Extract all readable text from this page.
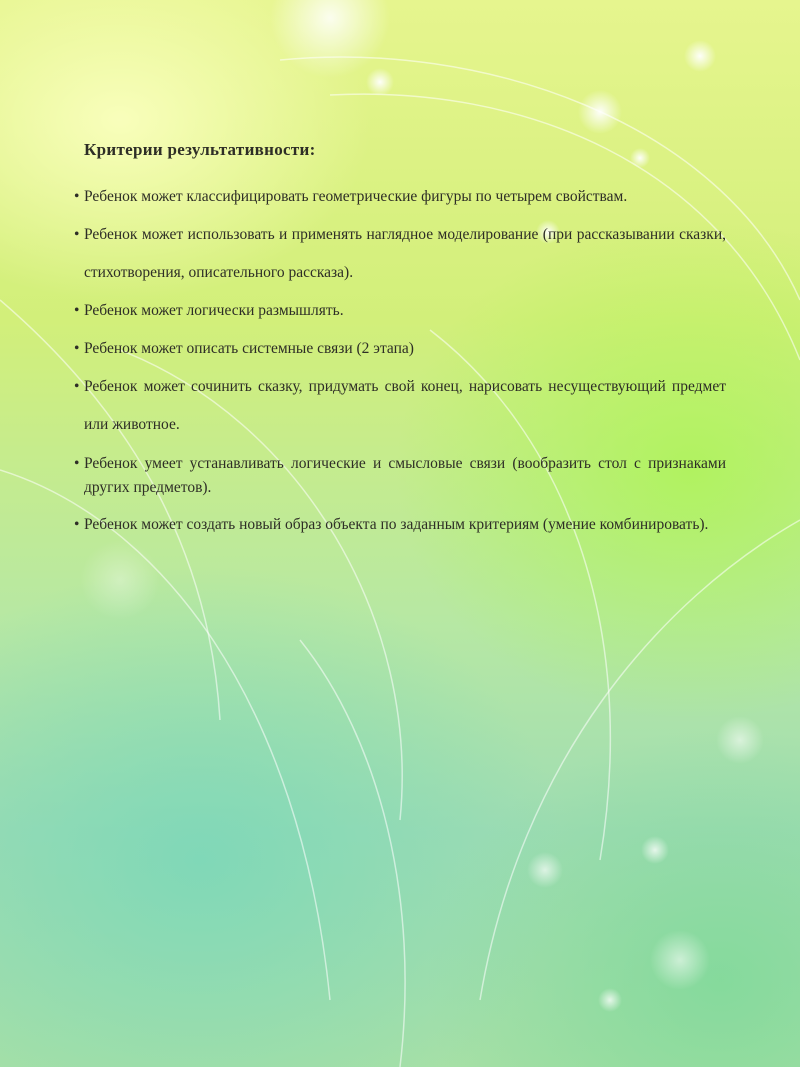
Критерии результативности:

• Ребенок может классифицировать геометрические фигуры по четырем свойствам.

• Ребенок может использовать и применять наглядное моделирование (при рассказывании сказки, стихотворения, описательного рассказа).

• Ребенок может логически размышлять.

• Ребенок может описать системные связи (2 этапа)

• Ребенок может сочинить сказку, придумать свой конец, нарисовать несуществующий предмет или животное.

• Ребенок умеет устанавливать логические и смысловые связи (вообразить стол с признаками других предметов).

• Ребенок может создать новый образ объекта по заданным критериям (умение комбинировать).
